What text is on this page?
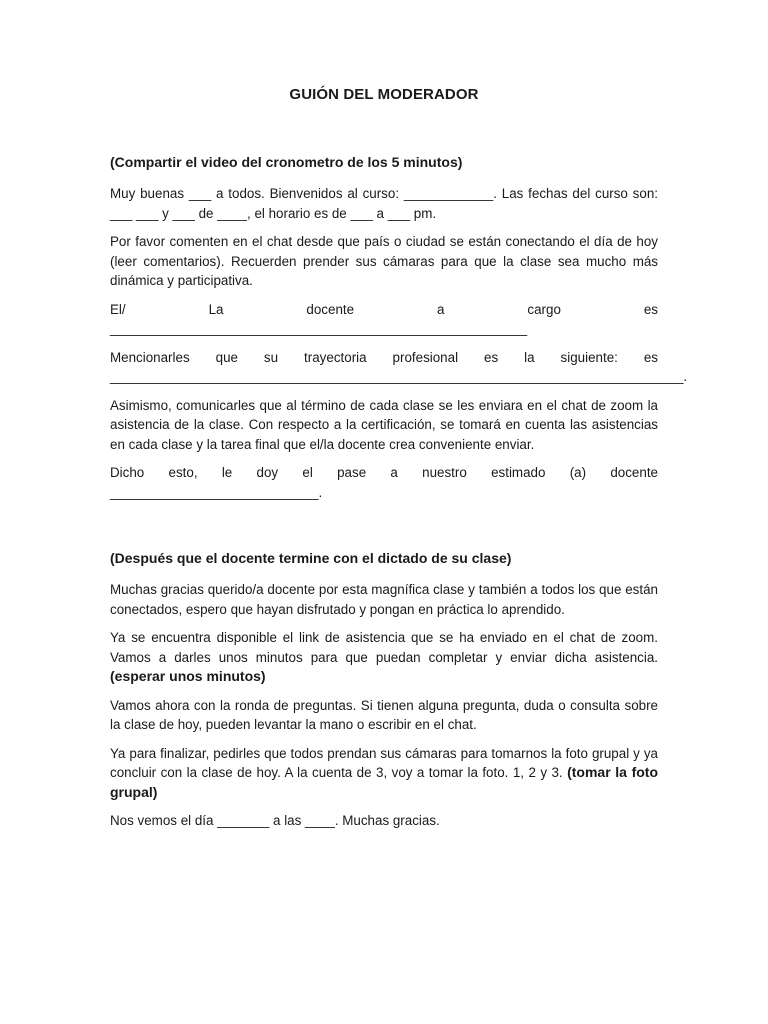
GUIÓN DEL MODERADOR
(Compartir el video del cronometro de los 5 minutos)

Muy buenas ___ a todos. Bienvenidos al curso: ____________. Las fechas del curso son: ___ ___ y ___ de ____, el horario es de ___ a ___ pm.

Por favor comenten en el chat desde que país o ciudad se están conectando el día de hoy (leer comentarios). Recuerden prender sus cámaras para que la clase sea mucho más dinámica y participativa.

El/ La docente a cargo es ________________________________________________________

Mencionarles que su trayectoria profesional es la siguiente: es _____________________________________________________________________________.

Asimismo, comunicarles que al término de cada clase se les enviara en el chat de zoom la asistencia de la clase. Con respecto a la certificación, se tomará en cuenta las asistencias en cada clase y la tarea final que el/la docente crea conveniente enviar.

Dicho esto, le doy el pase a nuestro estimado (a) docente ____________________________.

(Después que el docente termine con el dictado de su clase)

Muchas gracias querido/a docente por esta magnífica clase y también a todos los que están conectados, espero que hayan disfrutado y pongan en práctica lo aprendido.

Ya se encuentra disponible el link de asistencia que se ha enviado en el chat de zoom. Vamos a darles unos minutos para que puedan completar y enviar dicha asistencia. (esperar unos minutos)

Vamos ahora con la ronda de preguntas. Si tienen alguna pregunta, duda o consulta sobre la clase de hoy, pueden levantar la mano o escribir en el chat.

Ya para finalizar, pedirles que todos prendan sus cámaras para tomarnos la foto grupal y ya concluir con la clase de hoy. A la cuenta de 3, voy a tomar la foto. 1, 2 y 3. (tomar la foto grupal)

Nos vemos el día _______ a las ____. Muchas gracias.
